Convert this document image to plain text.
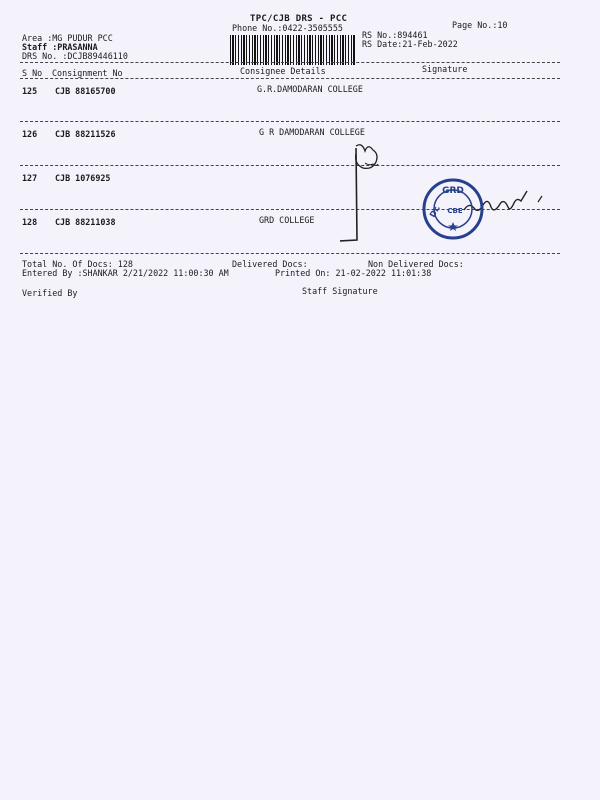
TPC/CJB DRS - PCC
Phone No.:0422-3505555	Page No.:10
Area :MG PUDUR PCC
Staff :PRASANNA
DRS No. :DCJB89446110
RS No.:894461
RS Date:21-Feb-2022
S No Consignment No	Consignee Details	Signature
125 CJB 88165700	G.R.DAMODARAN COLLEGE
126 CJB 88211526	G R DAMODARAN COLLEGE
127 CJB 1076925
128 CJB 88211038	GRD COLLEGE
GRD
Dr. CBE
Total No. Of Docs: 128	Delivered Docs:	Non Delivered Docs:
Entered By :SHANKAR 2/21/2022 11:00:30 AM	Printed On: 21-02-2022 11:01:38
Verified By	Staff Signature
